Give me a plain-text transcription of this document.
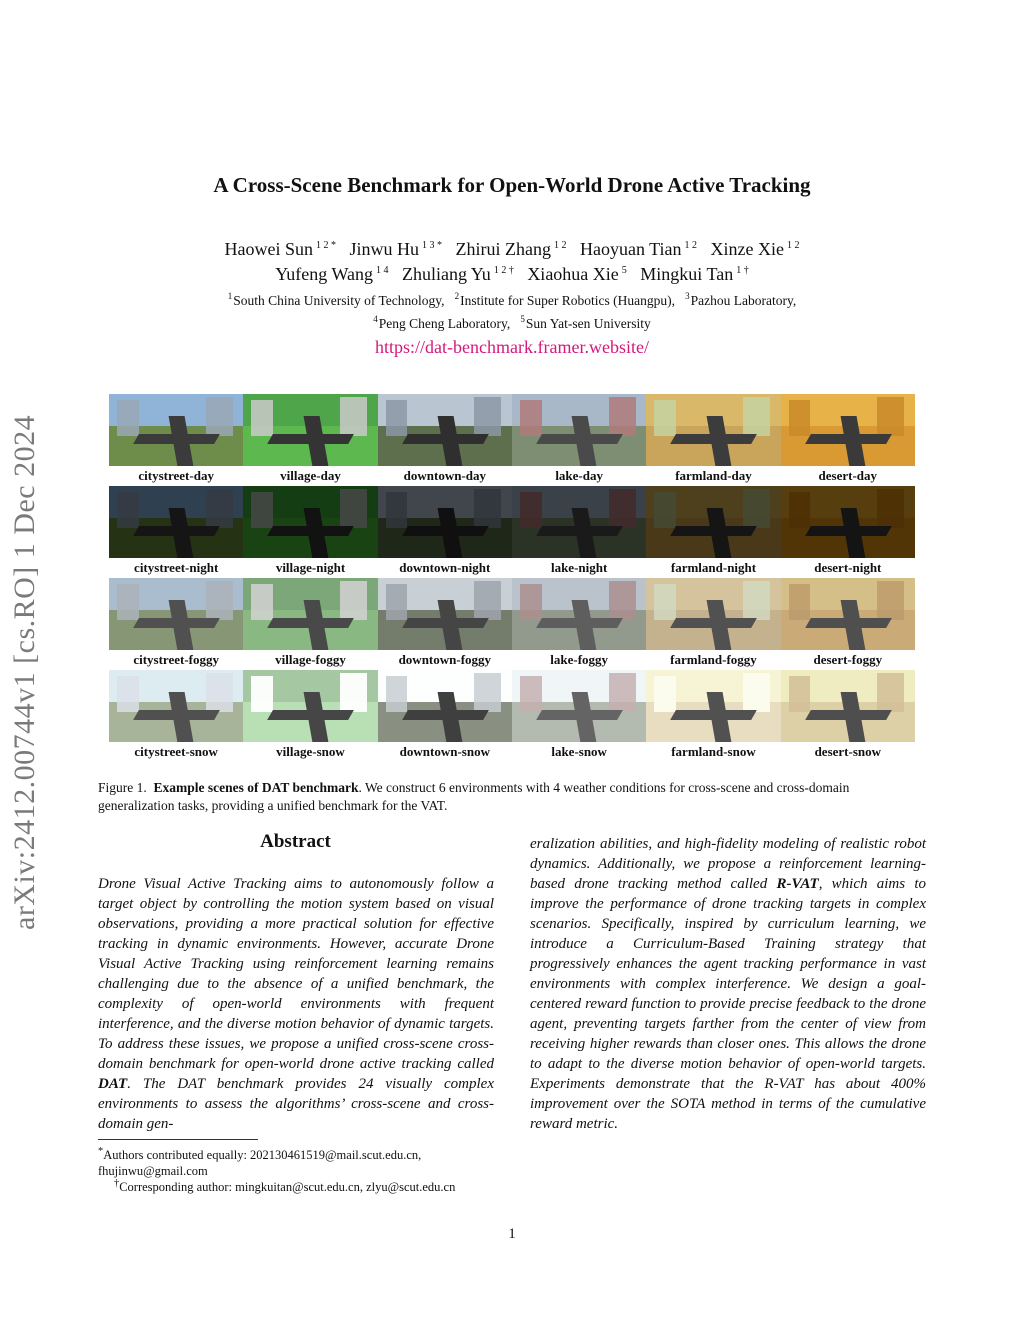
arXiv:2412.00744v1 [cs.RO] 1 Dec 2024
A Cross-Scene Benchmark for Open-World Drone Active Tracking
Haowei Sun $^{1 2 *}$ Jinwu Hu $^{1 3 *}$ Zhirui Zhang $^{1 2}$ Haoyuan Tian $^{1 2}$ Xinze Xie $^{1 2}$
Yufeng Wang $^{1 4}$ Zhuliang Yu $^{1 2 \dagger}$ Xiaohua Xie $^5$ Mingkui Tan $^{1 \dagger}$
$^1$South China University of Technology, $^2$Institute for Super Robotics (Huangpu), $^3$Pazhou Laboratory,
$^4$Peng Cheng Laboratory, $^5$Sun Yat-sen University
https://dat-benchmark.framer.website/
citystreet-day	village-day	downtown-day	lake-day	farmland-day	desert-day
citystreet-night	village-night	downtown-night	lake-night	farmland-night	desert-night
citystreet-foggy	village-foggy	downtown-foggy	lake-foggy	farmland-foggy	desert-foggy
citystreet-snow	village-snow	downtown-snow	lake-snow	farmland-snow	desert-snow
Figure 1. Example scenes of DAT benchmark. We construct 6 environments with 4 weather conditions for cross-scene and cross-domain generalization tasks, providing a unified benchmark for the VAT.
Abstract
Drone Visual Active Tracking aims to autonomously follow a target object by controlling the motion system based on visual observations, providing a more practical solution for effective tracking in dynamic environments. However, accurate Drone Visual Active Tracking using reinforcement learning remains challenging due to the absence of a unified benchmark, the complexity of open-world environments with frequent interference, and the diverse motion behavior of dynamic targets. To address these issues, we propose a unified cross-scene cross-domain benchmark for open-world drone active tracking called DAT. The DAT benchmark provides 24 visually complex environments to assess the algorithms’ cross-scene and cross-domain gen-
eralization abilities, and high-fidelity modeling of realistic robot dynamics. Additionally, we propose a reinforcement learning-based drone tracking method called R-VAT, which aims to improve the performance of drone tracking targets in complex scenarios. Specifically, inspired by curriculum learning, we introduce a Curriculum-Based Training strategy that progressively enhances the agent tracking performance in vast environments with complex interference. We design a goal-centered reward function to provide precise feedback to the drone agent, preventing targets farther from the center of view from receiving higher rewards than closer ones. This allows the drone to adapt to the diverse motion behavior of open-world targets. Experiments demonstrate that the R-VAT has about 400% improvement over the SOTA method in terms of the cumulative reward metric.
*Authors contributed equally: 202130461519@mail.scut.edu.cn, fhujinwu@gmail.com
†Corresponding author: mingkuitan@scut.edu.cn, zlyu@scut.edu.cn
1
